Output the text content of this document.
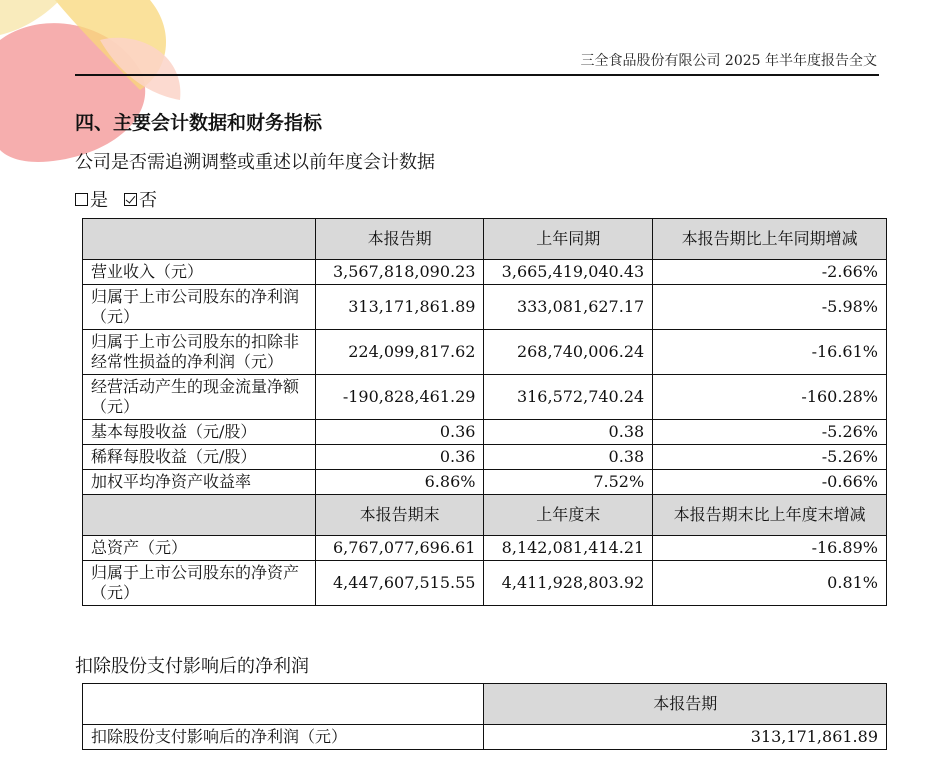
三全食品股份有限公司 2025 年半年度报告全文
四、主要会计数据和财务指标
公司是否需追溯调整或重述以前年度会计数据
是 否
	本报告期	上年同期	本报告期比上年同期增减
营业收入（元）	3,567,818,090.23	3,665,419,040.43	-2.66%
归属于上市公司股东的净利润（元）	313,171,861.89	333,081,627.17	-5.98%
归属于上市公司股东的扣除非经常性损益的净利润（元）	224,099,817.62	268,740,006.24	-16.61%
经营活动产生的现金流量净额（元）	-190,828,461.29	316,572,740.24	-160.28%
基本每股收益（元/股）	0.36	0.38	-5.26%
稀释每股收益（元/股）	0.36	0.38	-5.26%
加权平均净资产收益率	6.86%	7.52%	-0.66%
	本报告期末	上年度末	本报告期末比上年度末增减
总资产（元）	6,767,077,696.61	8,142,081,414.21	-16.89%
归属于上市公司股东的净资产（元）	4,447,607,515.55	4,411,928,803.92	0.81%
扣除股份支付影响后的净利润
	本报告期
扣除股份支付影响后的净利润（元）	313,171,861.89
